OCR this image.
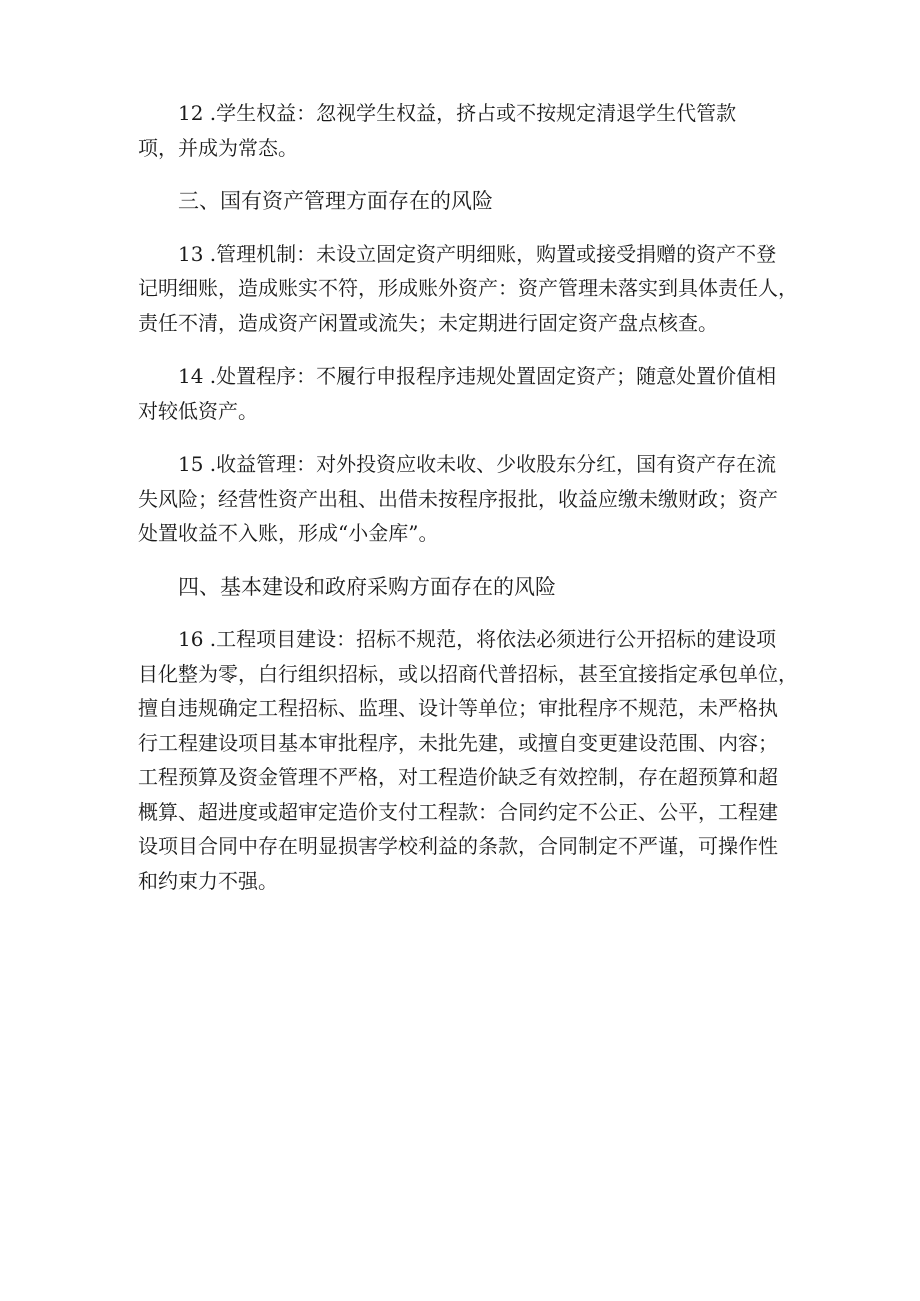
12 .学生权益：忽视学生权益，挤占或不按规定清退学生代管款
项，并成为常态。
三、国有资产管理方面存在的风险
13 .管理机制：未设立固定资产明细账，购置或接受捐赠的资产不登
记明细账，造成账实不符，形成账外资产：资产管理未落实到具体责任人，
责任不清，造成资产闲置或流失；未定期进行固定资产盘点核查。
14 .处置程序：不履行申报程序违规处置固定资产；随意处置价值相
对较低资产。
15 .收益管理：对外投资应收未收、少收股东分红，国有资产存在流
失风险；经营性资产出租、出借未按程序报批，收益应缴未缴财政；资产
处置收益不入账，形成“小金库”。
四、基本建设和政府采购方面存在的风险
16 .工程项目建设：招标不规范，将依法必须进行公开招标的建设项
目化整为零，白行组织招标，或以招商代普招标，甚至宜接指定承包单位，
擅自违规确定工程招标、监理、设计等单位；审批程序不规范，未严格执
行工程建设项目基本审批程序，未批先建，或擅自变更建设范围、内容；
工程预算及资金管理不严格，对工程造价缺乏有效控制，存在超预算和超
概算、超进度或超审定造价支付工程款：合同约定不公正、公平，工程建
设项目合同中存在明显损害学校利益的条款，合同制定不严谨，可操作性
和约束力不强。
